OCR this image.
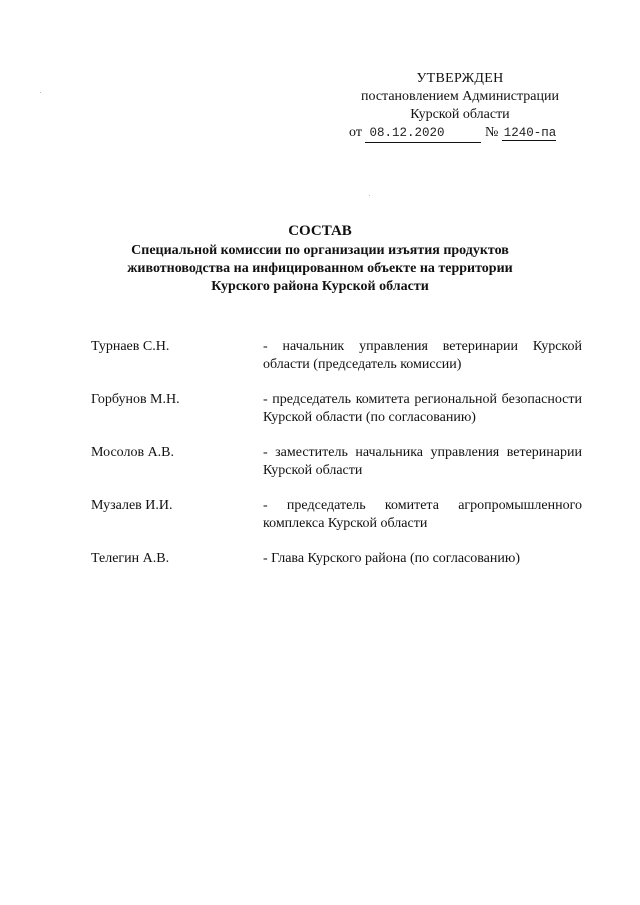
УТВЕРЖДЕН
постановлением Администрации
Курской области
от 08.12.2020	№ 1240-па
СОСТАВ
Специальной комиссии по организации изъятия продуктов
животноводства на инфицированном объекте на территории
Курского района Курской области
Турнаев С.Н.	- начальник управления ветеринарии Курской области (председатель комиссии)
Горбунов М.Н.	- председатель комитета региональной безопасности Курской области (по согласованию)
Мосолов А.В.	- заместитель начальника управления ветеринарии Курской области
Музалев И.И.	- председатель комитета агропромышленного комплекса Курской области
Телегин А.В.	- Глава Курского района (по согласованию)
